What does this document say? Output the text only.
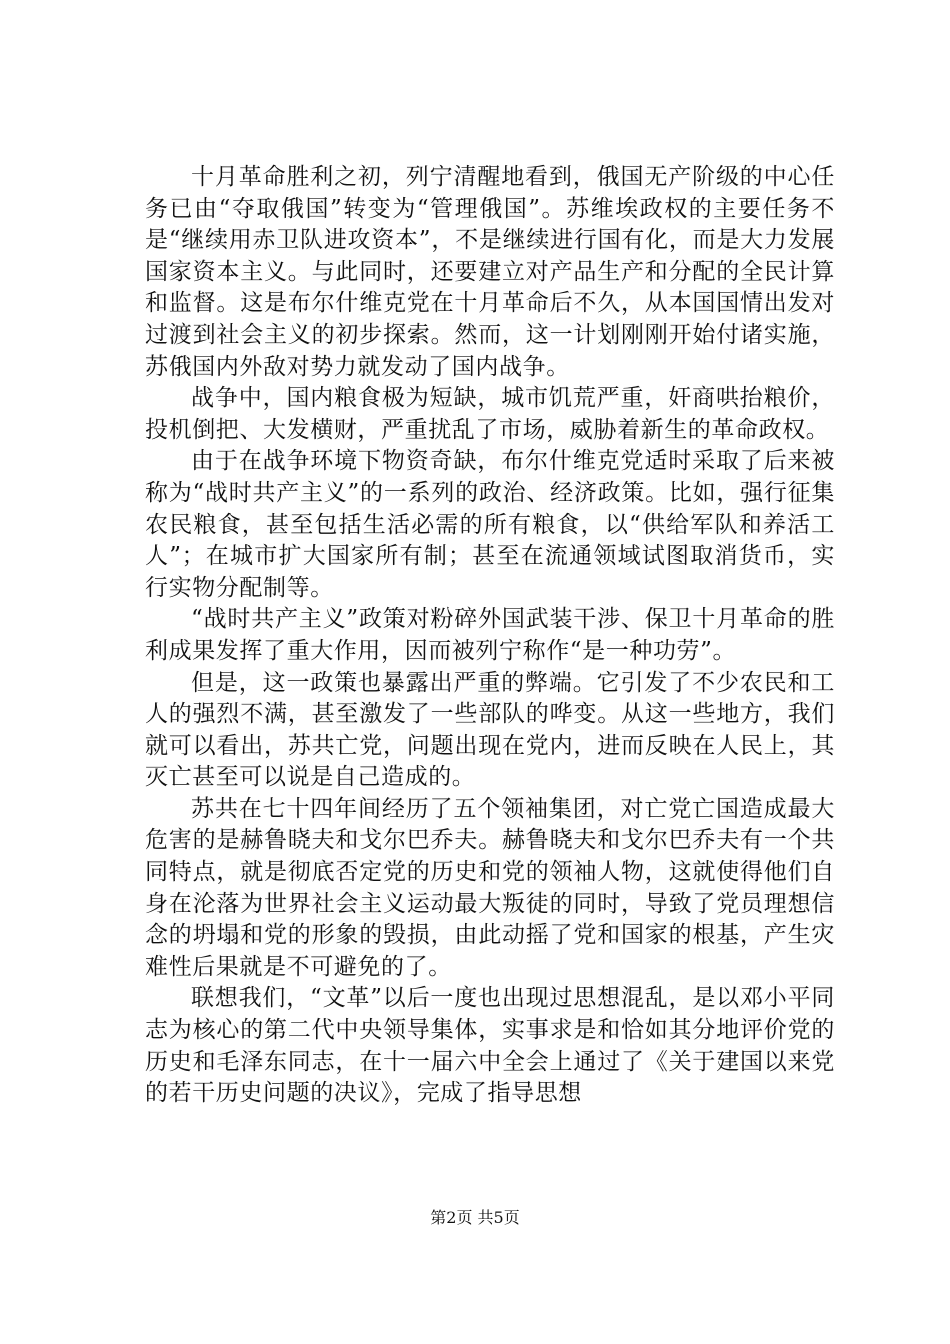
十月革命胜利之初，列宁清醒地看到，俄国无产阶级的中心任务已由“夺取俄国”转变为“管理俄国”。苏维埃政权的主要任务不是“继续用赤卫队进攻资本”，不是继续进行国有化，而是大力发展国家资本主义。与此同时，还要建立对产品生产和分配的全民计算和监督。这是布尔什维克党在十月革命后不久，从本国国情出发对过渡到社会主义的初步探索。然而，这一计划刚刚开始付诸实施，苏俄国内外敌对势力就发动了国内战争。

战争中，国内粮食极为短缺，城市饥荒严重，奸商哄抬粮价，投机倒把、大发横财，严重扰乱了市场，威胁着新生的革命政权。

由于在战争环境下物资奇缺，布尔什维克党适时采取了后来被称为“战时共产主义”的一系列的政治、经济政策。比如，强行征集农民粮食，甚至包括生活必需的所有粮食，以“供给军队和养活工人”；在城市扩大国家所有制；甚至在流通领域试图取消货币，实行实物分配制等。

“战时共产主义”政策对粉碎外国武装干涉、保卫十月革命的胜利成果发挥了重大作用，因而被列宁称作“是一种功劳”。

但是，这一政策也暴露出严重的弊端。它引发了不少农民和工人的强烈不满，甚至激发了一些部队的哗变。从这一些地方，我们就可以看出，苏共亡党，问题出现在党内，进而反映在人民上，其灭亡甚至可以说是自己造成的。

苏共在七十四年间经历了五个领袖集团，对亡党亡国造成最大危害的是赫鲁晓夫和戈尔巴乔夫。赫鲁晓夫和戈尔巴乔夫有一个共同特点，就是彻底否定党的历史和党的领袖人物，这就使得他们自身在沦落为世界社会主义运动最大叛徒的同时，导致了党员理想信念的坍塌和党的形象的毁损，由此动摇了党和国家的根基，产生灾难性后果就是不可避免的了。

联想我们，“文革”以后一度也出现过思想混乱，是以邓小平同志为核心的第二代中央领导集体，实事求是和恰如其分地评价党的历史和毛泽东同志，在十一届六中全会上通过了《关于建国以来党的若干历史问题的决议》，完成了指导思想

第2页 共5页
